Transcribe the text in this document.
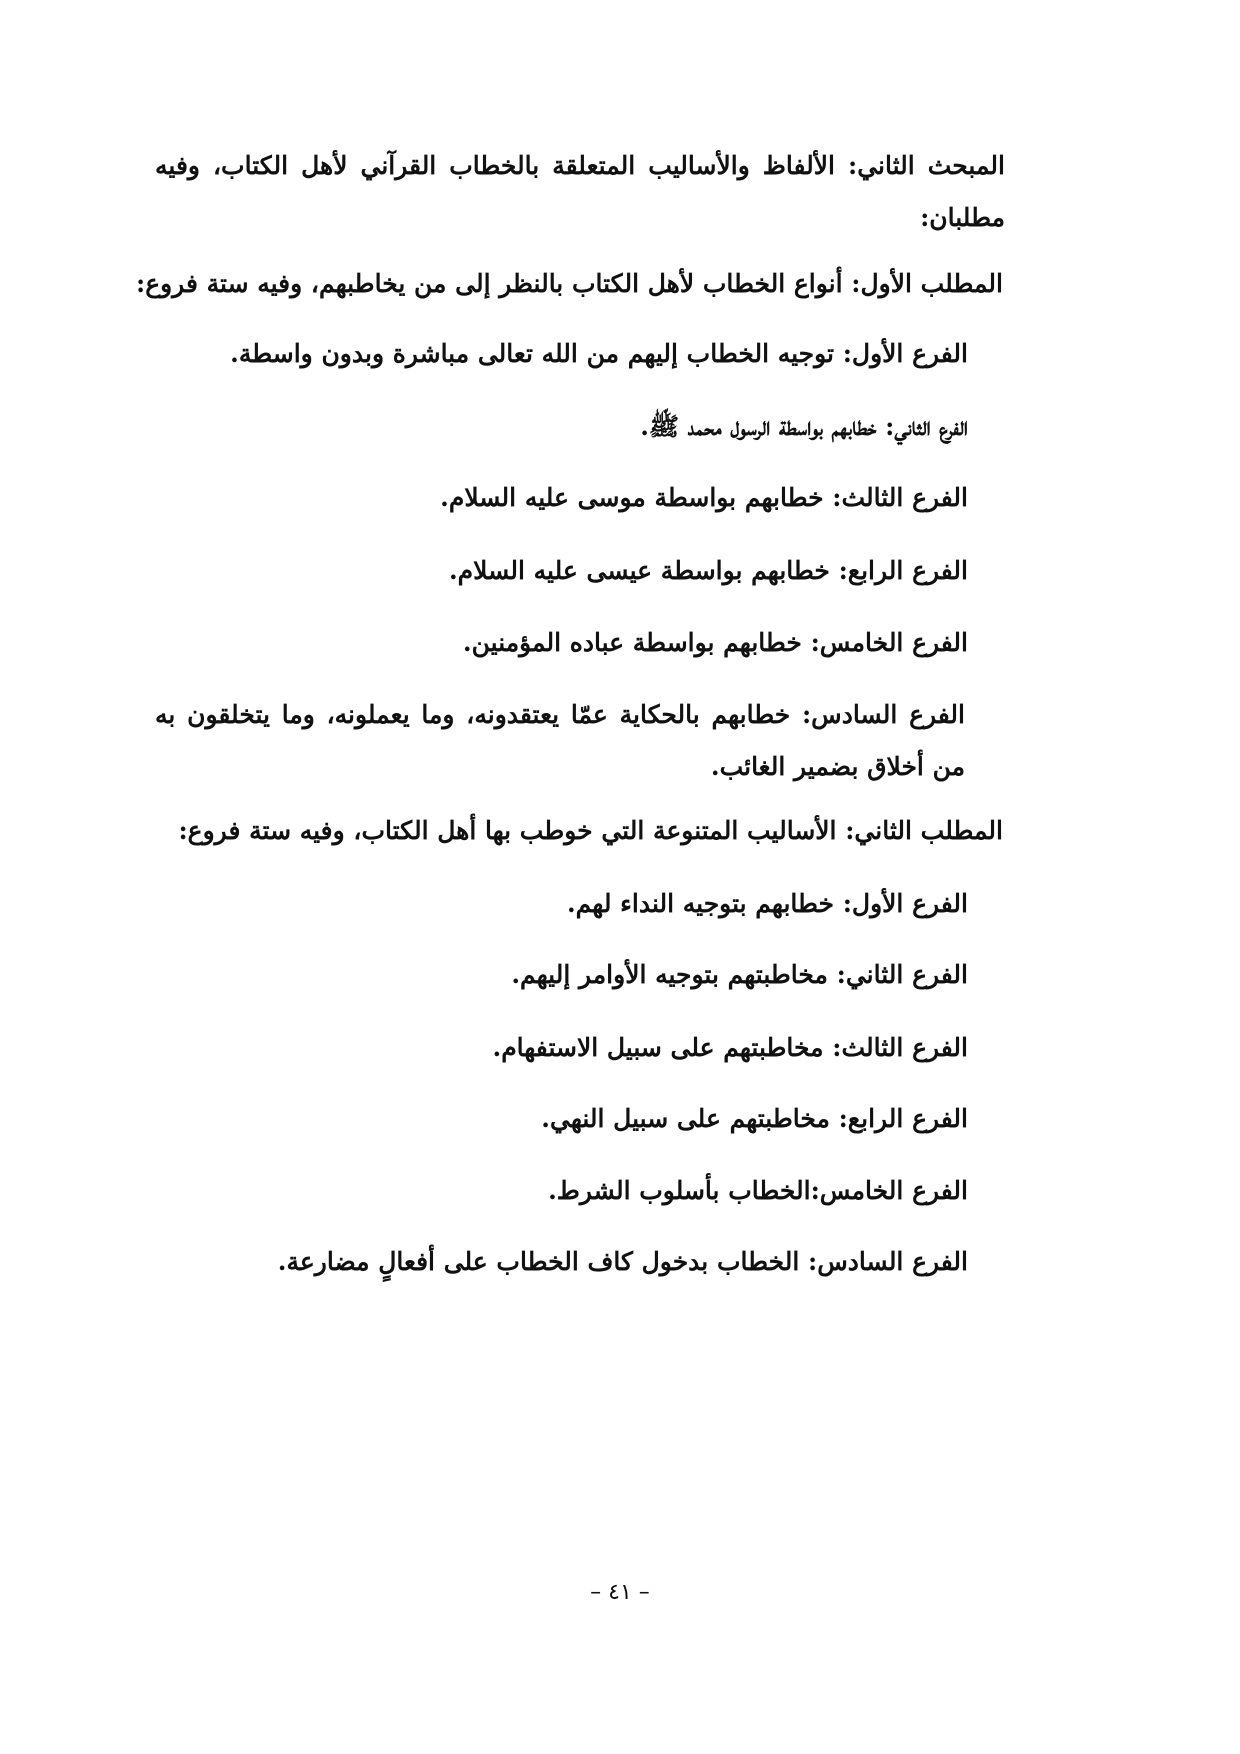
المبحث الثاني: الألفاظ والأساليب المتعلقة بالخطاب القرآني لأهل الكتاب، وفيه مطلبان:
المطلب الأول: أنواع الخطاب لأهل الكتاب بالنظر إلى من يخاطبهم، وفيه ستة فروع:
الفرع الأول: توجيه الخطاب إليهم من الله تعالى مباشرة وبدون واسطة.
الفرع الثاني: خطابهم بواسطة الرسول محمد ﷺ.
الفرع الثالث: خطابهم بواسطة موسى عليه السلام.
الفرع الرابع: خطابهم بواسطة عيسى عليه السلام.
الفرع الخامس: خطابهم بواسطة عباده المؤمنين.
الفرع السادس: خطابهم بالحكاية عمّا يعتقدونه، وما يعملونه، وما يتخلقون به من أخلاق بضمير الغائب.
المطلب الثاني: الأساليب المتنوعة التي خوطب بها أهل الكتاب، وفيه ستة فروع:
الفرع الأول: خطابهم بتوجيه النداء لهم.
الفرع الثاني: مخاطبتهم بتوجيه الأوامر إليهم.
الفرع الثالث: مخاطبتهم على سبيل الاستفهام.
الفرع الرابع: مخاطبتهم على سبيل النهي.
الفرع الخامس:الخطاب بأسلوب الشرط.
الفرع السادس: الخطاب بدخول كاف الخطاب على أفعالٍ مضارعة.
– ٤١ –
